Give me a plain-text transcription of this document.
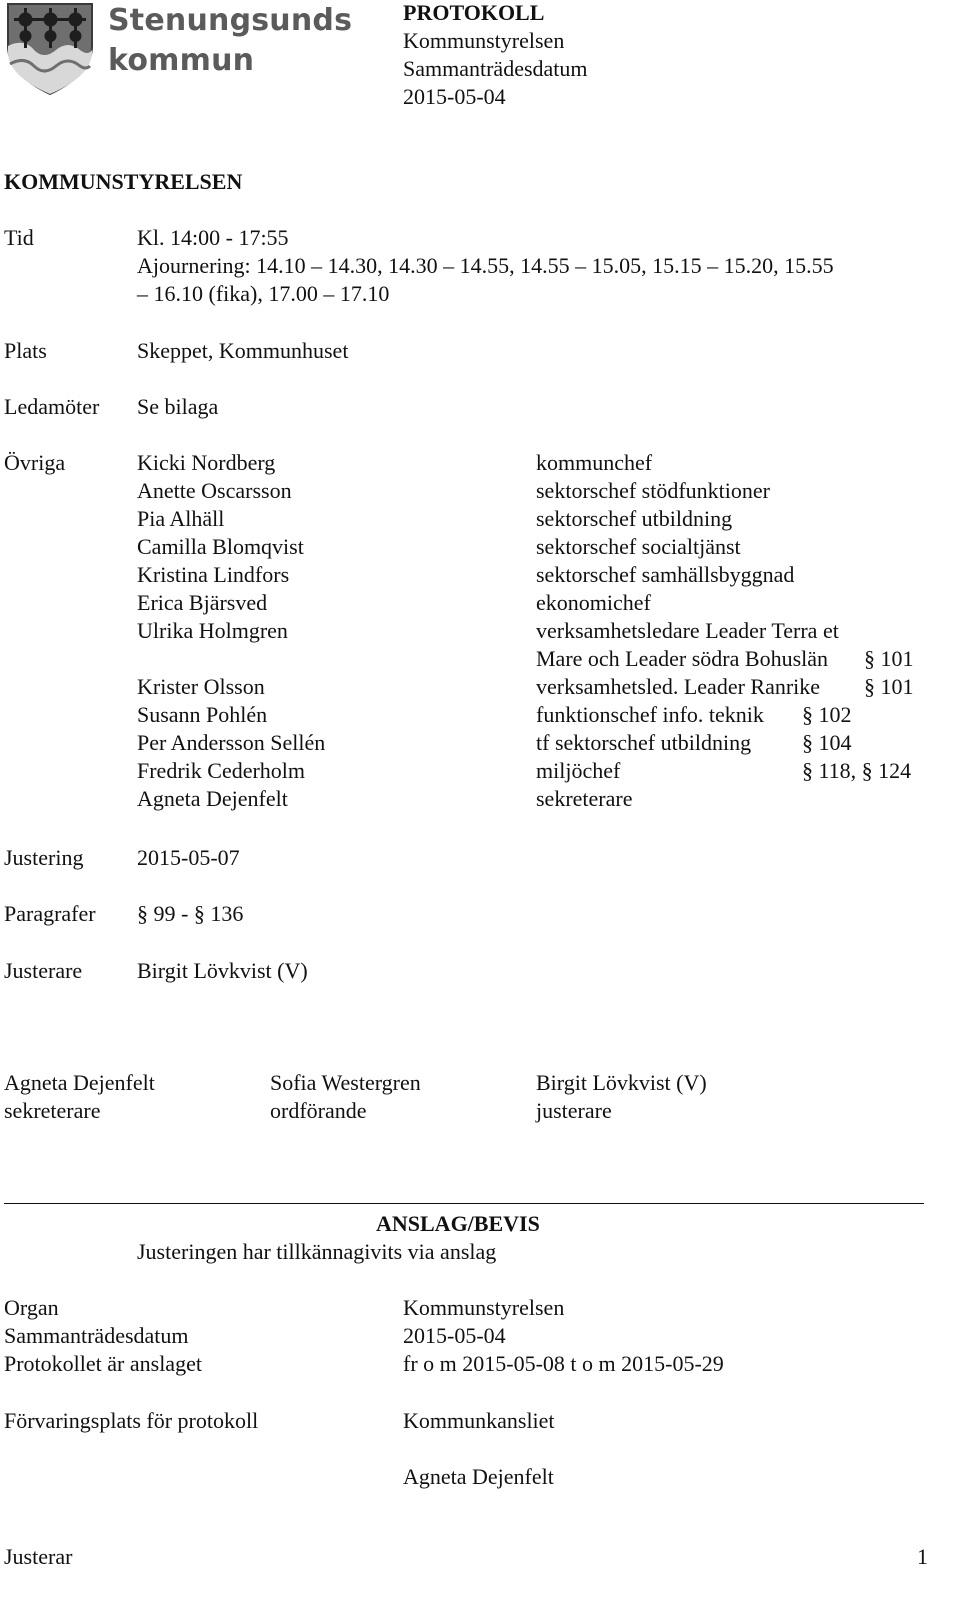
Stenungsunds
kommun
PROTOKOLL
Kommunstyrelsen
Sammanträdesdatum
2015-05-04
KOMMUNSTYRELSEN
Tid	Kl. 14:00 - 17:55
Ajournering: 14.10 – 14.30, 14.30 – 14.55, 14.55 – 15.05, 15.15 – 15.20, 15.55
– 16.10 (fika), 17.00 – 17.10
Plats	Skeppet, Kommunhuset
Ledamöter Se bilaga
Övriga	Kicki Nordberg	kommunchef
Anette Oscarsson	sektorschef stödfunktioner
Pia Alhäll	sektorschef utbildning
Camilla Blomqvist	sektorschef socialtjänst
Kristina Lindfors	sektorschef samhällsbyggnad
Erica Bjärsved	ekonomichef
Ulrika Holmgren	verksamhetsledare Leader Terra et
Mare och Leader södra Bohuslän § 101
Krister Olsson	verksamhetsled. Leader Ranrike § 101
Susann Pohlén	funktionschef info. teknik § 102
Per Andersson Sellén	tf sektorschef utbildning § 104
Fredrik Cederholm	miljöchef	§ 118, § 124
Agneta Dejenfelt	sekreterare
Justering 2015-05-07
Paragrafer § 99 - § 136
Justerare Birgit Lövkvist (V)
Agneta Dejenfelt
sekreterare
Sofia Westergren
ordförande
Birgit Lövkvist (V)
justerare
ANSLAG/BEVIS
Justeringen har tillkännagivits via anslag
Organ	Kommunstyrelsen
Sammanträdesdatum	2015-05-04
Protokollet är anslaget	fr o m 2015-05-08 t o m 2015-05-29
Förvaringsplats för protokoll	Kommunkansliet
Agneta Dejenfelt
Justerar	1
